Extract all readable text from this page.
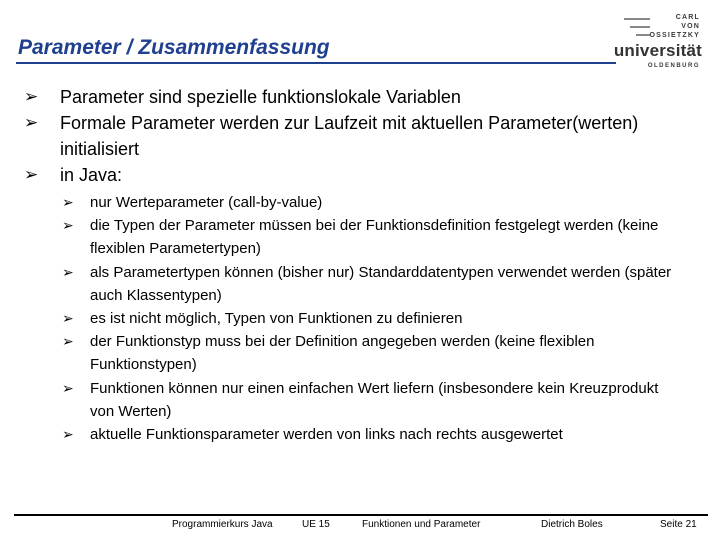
Parameter / Zusammenfassung
CARL
VON
OSSIETZKY
universität
OLDENBURG
➢	Parameter sind spezielle funktionslokale Variablen
➢	Formale Parameter werden zur Laufzeit mit aktuellen Parameter(werten) initialisiert
➢	in Java:
➢	nur Werteparameter (call-by-value)
➢	die Typen der Parameter müssen bei der Funktionsdefinition festgelegt werden (keine flexiblen Parametertypen)
➢	als Parametertypen können (bisher nur) Standarddatentypen verwendet werden (später auch Klassentypen)
➢	es ist nicht möglich, Typen von Funktionen zu definieren
➢	der Funktionstyp muss bei der Definition angegeben werden (keine flexiblen Funktionstypen)
➢	Funktionen können nur einen einfachen Wert liefern (insbesondere kein Kreuzprodukt von Werten)
➢	aktuelle Funktionsparameter werden von links nach rechts ausgewertet
Programmierkurs Java	UE 15	Funktionen und Parameter	Dietrich Boles	Seite 21
